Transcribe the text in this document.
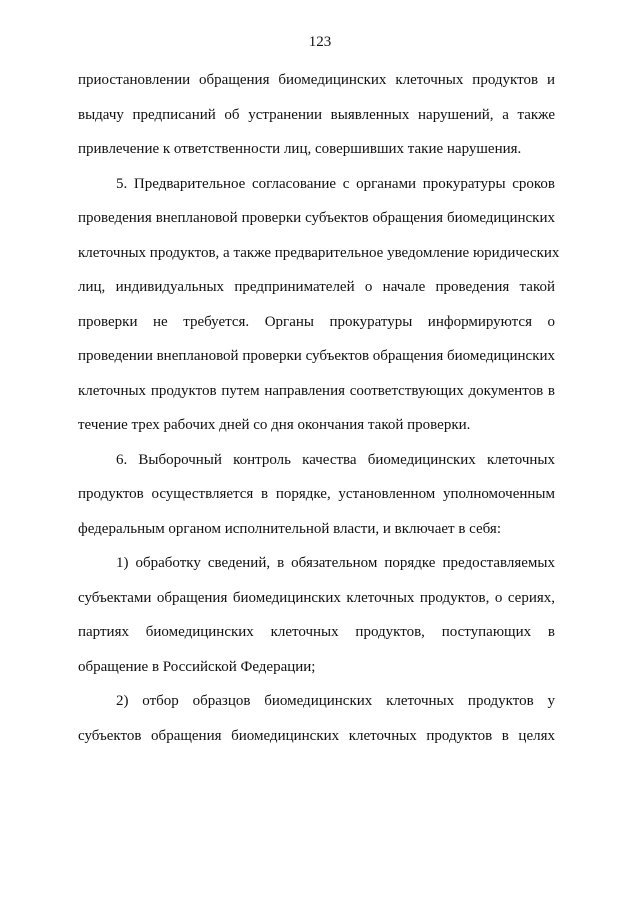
123
приостановлении обращения биомедицинских клеточных продуктов и
выдачу предписаний об устранении выявленных нарушений, а также
привлечение к ответственности лиц, совершивших такие нарушения.
5. Предварительное согласование с органами прокуратуры сроков
проведения внеплановой проверки субъектов обращения биомедицинских
клеточных продуктов, а также предварительное уведомление юридических
лиц, индивидуальных предпринимателей о начале проведения такой
проверки не требуется. Органы прокуратуры информируются о
проведении внеплановой проверки субъектов обращения биомедицинских
клеточных продуктов путем направления соответствующих документов в
течение трех рабочих дней со дня окончания такой проверки.
6. Выборочный контроль качества биомедицинских клеточных
продуктов осуществляется в порядке, установленном уполномоченным
федеральным органом исполнительной власти, и включает в себя:
1) обработку сведений, в обязательном порядке предоставляемых
субъектами обращения биомедицинских клеточных продуктов, о сериях,
партиях биомедицинских клеточных продуктов, поступающих в
обращение в Российской Федерации;
2) отбор образцов биомедицинских клеточных продуктов у
субъектов обращения биомедицинских клеточных продуктов в целях
